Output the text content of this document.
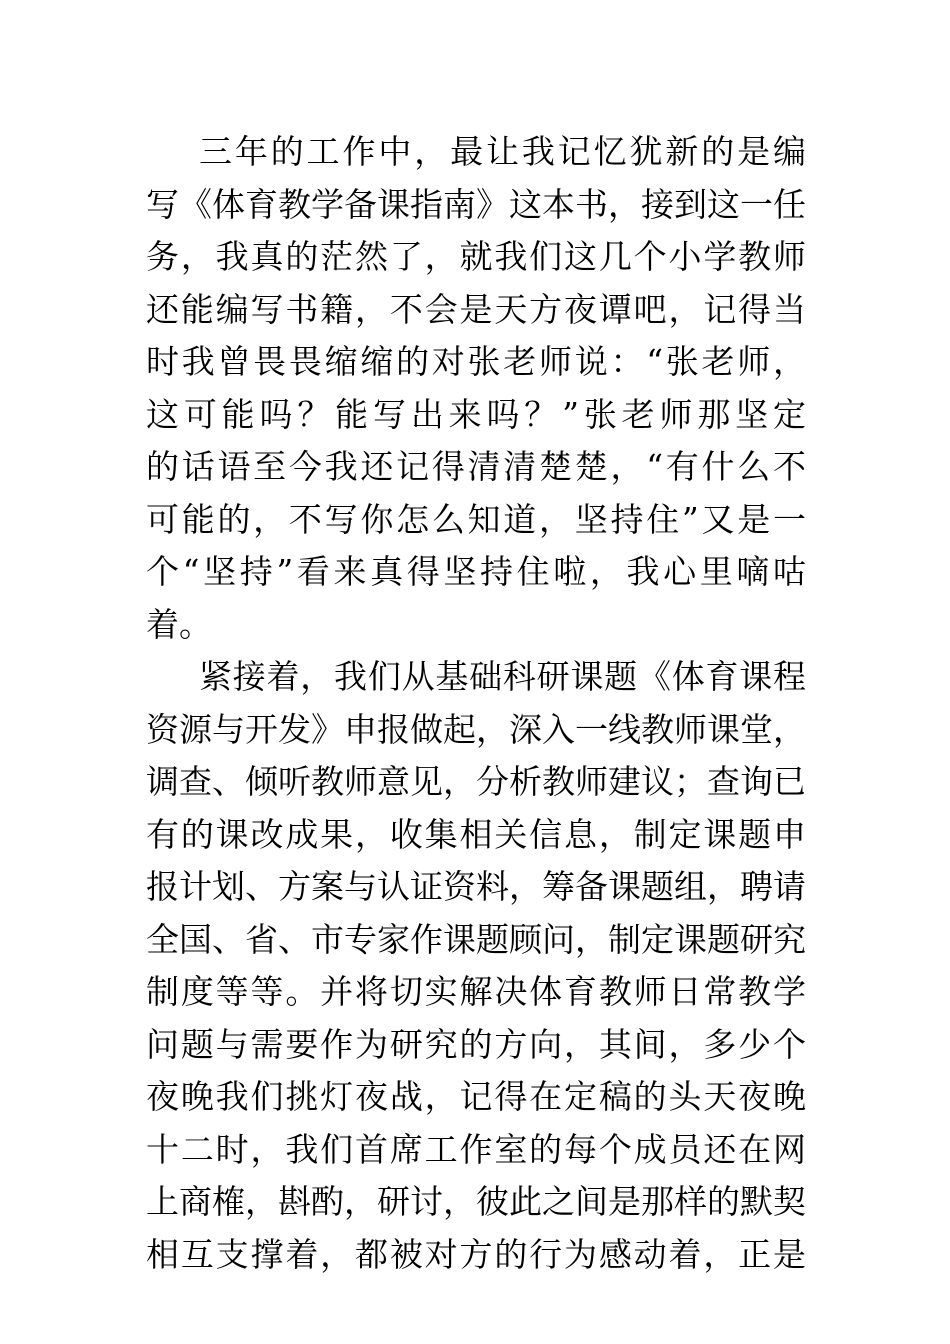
三年的工作中，最让我记忆犹新的是编
写《体育教学备课指南》这本书，接到这一任
务，我真的茫然了，就我们这几个小学教师
还能编写书籍，不会是天方夜谭吧，记得当
时我曾畏畏缩缩的对张老师说：“张老师，
这可能吗？能写出来吗？”张老师那坚定
的话语至今我还记得清清楚楚，“有什么不
可能的，不写你怎么知道，坚持住”又是一
个“坚持”看来真得坚持住啦，我心里嘀咕
着。
紧接着，我们从基础科研课题《体育课程
资源与开发》申报做起，深入一线教师课堂，
调查、倾听教师意见，分析教师建议；查询已
有的课改成果，收集相关信息，制定课题申
报计划、方案与认证资料，筹备课题组，聘请
全国、省、市专家作课题顾问，制定课题研究
制度等等。并将切实解决体育教师日常教学
问题与需要作为研究的方向，其间，多少个
夜晚我们挑灯夜战，记得在定稿的头天夜晚
十二时，我们首席工作室的每个成员还在网
上商榷，斟酌，研讨，彼此之间是那样的默契
相互支撑着，都被对方的行为感动着，正是
